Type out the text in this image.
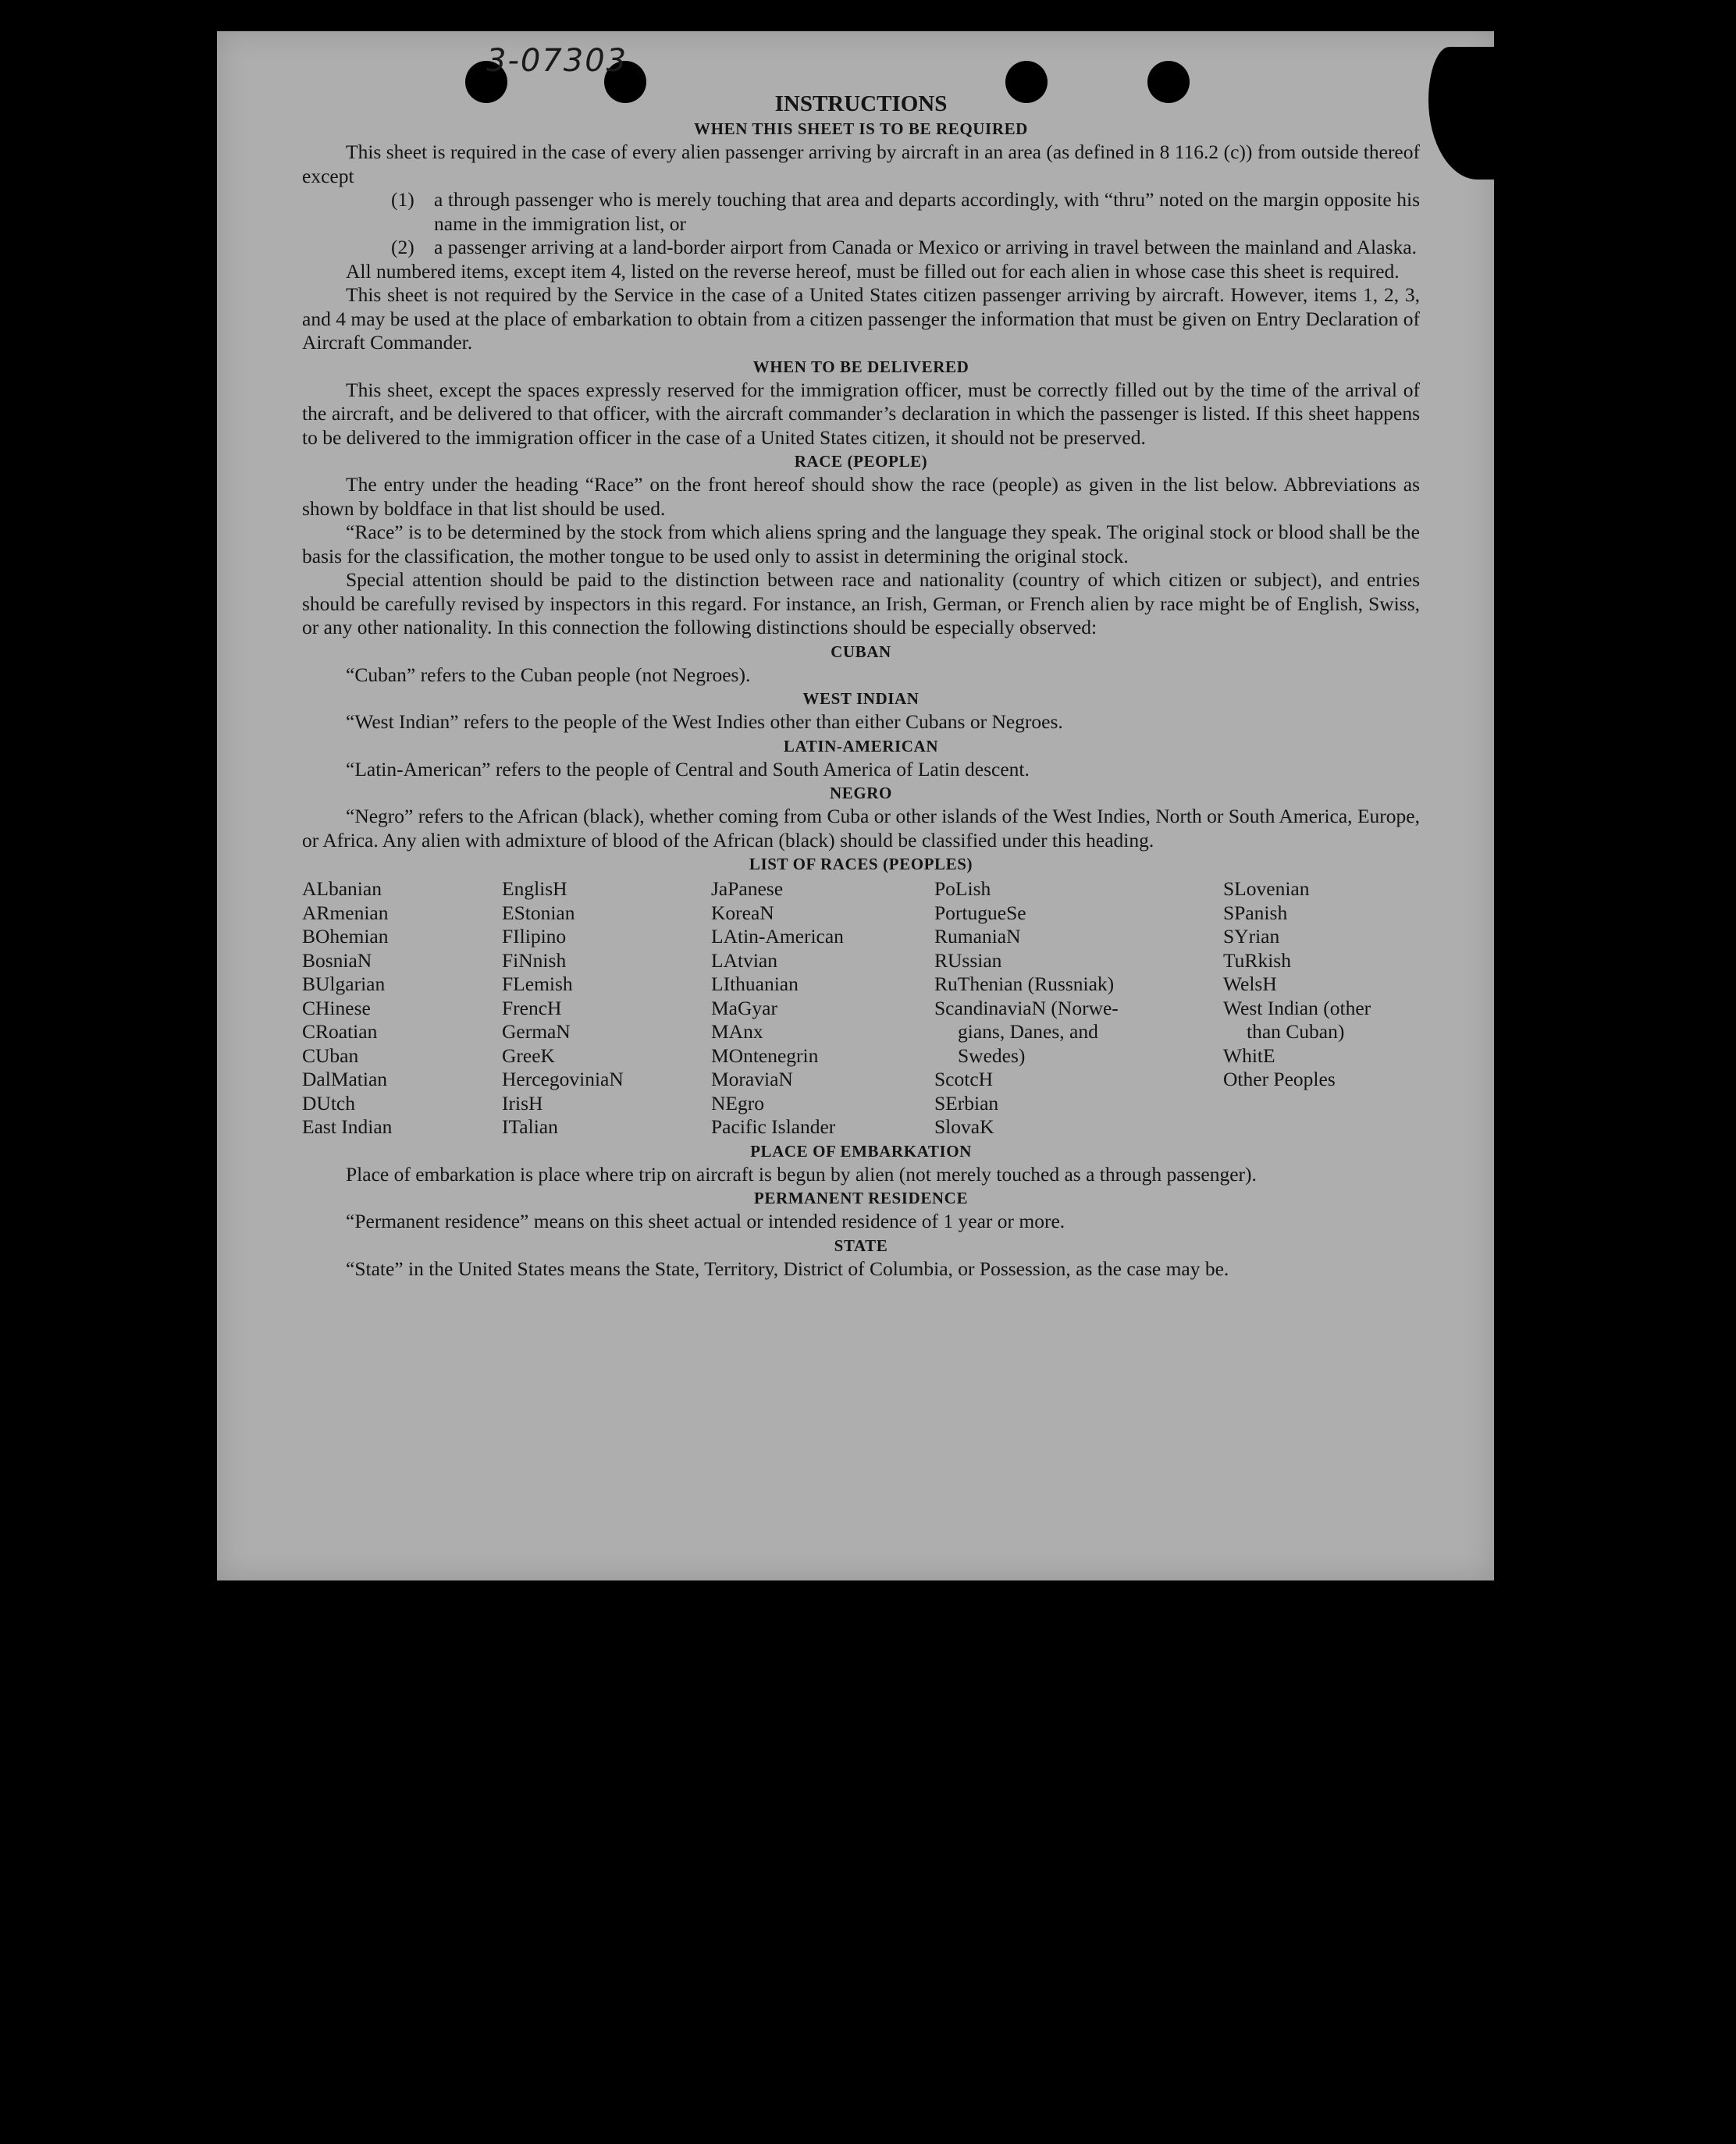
3-07303
INSTRUCTIONS
WHEN THIS SHEET IS TO BE REQUIRED

This sheet is required in the case of every alien passenger arriving by aircraft in an area (as defined in 8 116.2 (c)) from outside thereof except

(1) a through passenger who is merely touching that area and departs accordingly, with “thru” noted on the margin opposite his name in the immigration list, or
(2) a passenger arriving at a land-border airport from Canada or Mexico or arriving in travel between the mainland and Alaska.

All numbered items, except item 4, listed on the reverse hereof, must be filled out for each alien in whose case this sheet is required.

This sheet is not required by the Service in the case of a United States citizen passenger arriving by aircraft. However, items 1, 2, 3, and 4 may be used at the place of embarkation to obtain from a citizen passenger the information that must be given on Entry Declaration of Aircraft Commander.

WHEN TO BE DELIVERED

This sheet, except the spaces expressly reserved for the immigration officer, must be correctly filled out by the time of the arrival of the aircraft, and be delivered to that officer, with the aircraft commander’s declaration in which the passenger is listed. If this sheet happens to be delivered to the immigration officer in the case of a United States citizen, it should not be preserved.

RACE (PEOPLE)

The entry under the heading “Race” on the front hereof should show the race (people) as given in the list below. Abbreviations as shown by boldface in that list should be used.

“Race” is to be determined by the stock from which aliens spring and the language they speak. The original stock or blood shall be the basis for the classification, the mother tongue to be used only to assist in determining the original stock.

Special attention should be paid to the distinction between race and nationality (country of which citizen or subject), and entries should be carefully revised by inspectors in this regard. For instance, an Irish, German, or French alien by race might be of English, Swiss, or any other nationality. In this connection the following distinctions should be especially observed:

CUBAN

“Cuban” refers to the Cuban people (not Negroes).

WEST INDIAN

“West Indian” refers to the people of the West Indies other than either Cubans or Negroes.

LATIN-AMERICAN

“Latin-American” refers to the people of Central and South America of Latin descent.

NEGRO

“Negro” refers to the African (black), whether coming from Cuba or other islands of the West Indies, North or South America, Europe, or Africa. Any alien with admixture of blood of the African (black) should be classified under this heading.

LIST OF RACES (PEOPLES)
ALbanian
ARmenian
BOhemian
BosniaN
BUlgarian
CHinese
CRoatian
CUban
DalMatian
DUtch
East Indian
EnglisH
EStonian
FIlipino
FiNnish
FLemish
FrencH
GermaN
GreeK
HercegoviniaN
IrisH
ITalian
JaPanese
KoreaN
LAtin-American
LAtvian
LIthuanian
MaGyar
MAnx
MOntenegrin
MoraviaN
NEgro
Pacific Islander
PoLish
PortugueSe
RumaniaN
RUssian
RuThenian (Russniak)
ScandinaviaN (Norwe-
gians, Danes, and
Swedes)
ScotcH
SErbian
SlovaK
SLovenian
SPanish
SYrian
TuRkish
WelsH
West Indian (other
than Cuban)
WhitE
Other Peoples
PLACE OF EMBARKATION

Place of embarkation is place where trip on aircraft is begun by alien (not merely touched as a through passenger).

PERMANENT RESIDENCE

“Permanent residence” means on this sheet actual or intended residence of 1 year or more.

STATE

“State” in the United States means the State, Territory, District of Columbia, or Possession, as the case may be.
